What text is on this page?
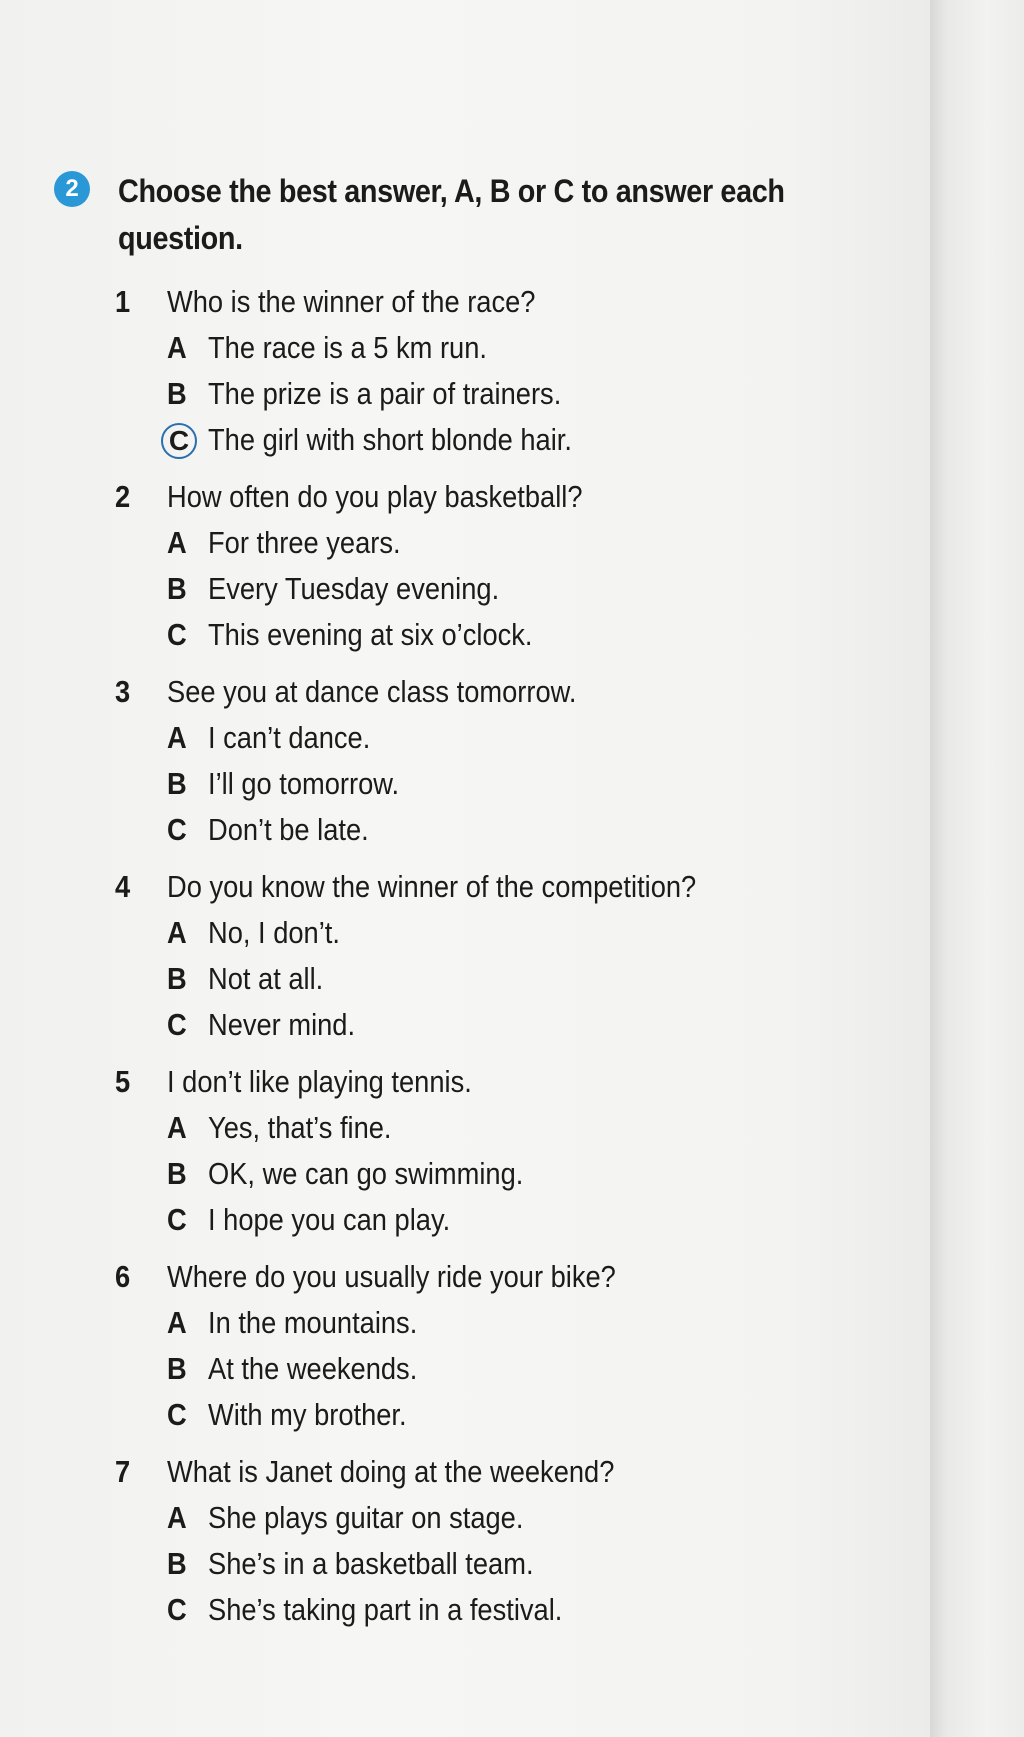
2	Choose the best answer, A, B or C to answer each question.
1	Who is the winner of the race?
A The race is a 5 km run.
B The prize is a pair of trainers.
C The girl with short blonde hair.
2	How often do you play basketball?
A For three years.
B Every Tuesday evening.
C This evening at six o’clock.
3	See you at dance class tomorrow.
A I can’t dance.
B I’ll go tomorrow.
C Don’t be late.
4	Do you know the winner of the competition?
A No, I don’t.
B Not at all.
C Never mind.
5	I don’t like playing tennis.
A Yes, that’s fine.
B OK, we can go swimming.
C I hope you can play.
6	Where do you usually ride your bike?
A In the mountains.
B At the weekends.
C With my brother.
7	What is Janet doing at the weekend?
A She plays guitar on stage.
B She’s in a basketball team.
C She’s taking part in a festival.
